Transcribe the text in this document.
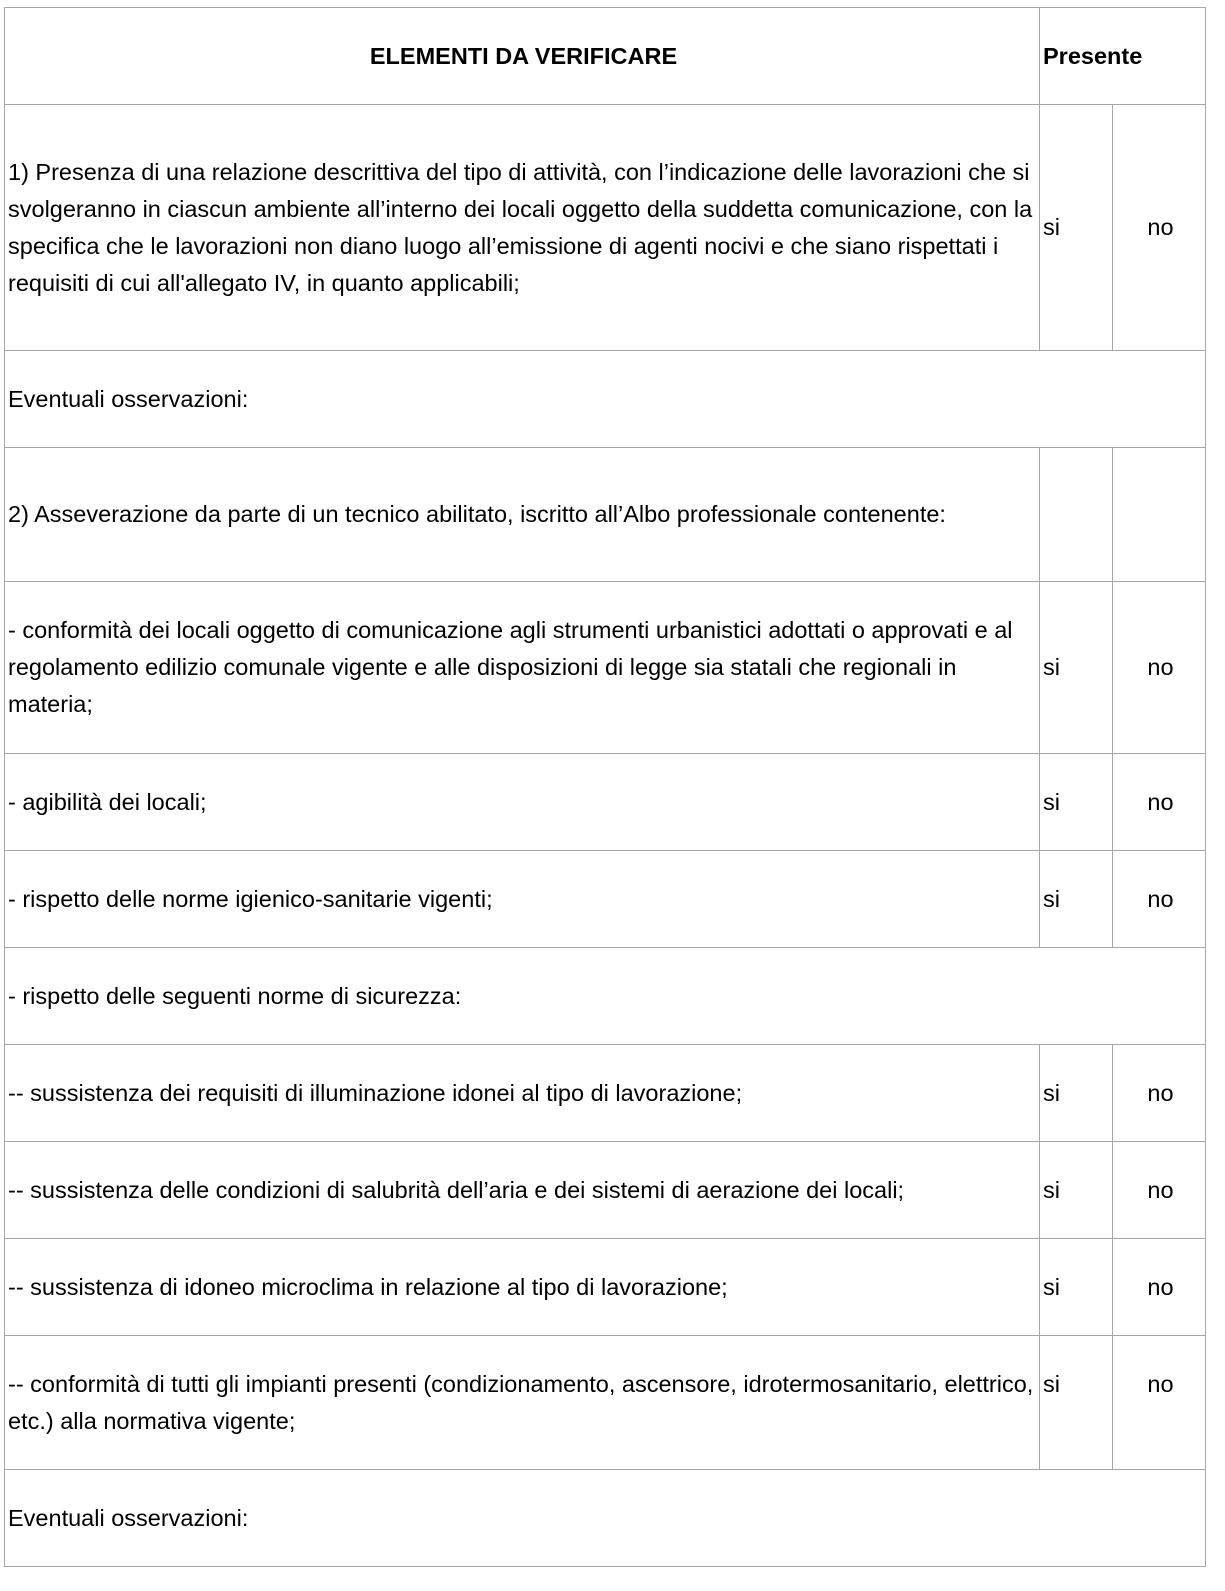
ELEMENTI DA VERIFICARE	Presente	
1) Presenza di una relazione descrittiva del tipo di attività, con l’indicazione delle lavorazioni che si svolgeranno in ciascun ambiente all’interno dei locali oggetto della suddetta comunicazione, con la specifica che le lavorazioni non diano luogo all’emissione di agenti nocivi e che siano rispettati i requisiti di cui all'allegato IV, in quanto applicabili;	si	no
Eventuali osservazioni:		
2) Asseverazione da parte di un tecnico abilitato, iscritto all’Albo professionale contenente:		
- conformità dei locali oggetto di comunicazione agli strumenti urbanistici adottati o approvati e al regolamento edilizio comunale vigente e alle disposizioni di legge sia statali che regionali in materia;	si	no
- agibilità dei locali;	si	no
- rispetto delle norme igienico-sanitarie vigenti;	si	no
- rispetto delle seguenti norme di sicurezza:		
-- sussistenza dei requisiti di illuminazione idonei al tipo di lavorazione;	si	no
-- sussistenza delle condizioni di salubrità dell’aria e dei sistemi di aerazione dei locali;	si	no
-- sussistenza di idoneo microclima in relazione al tipo di lavorazione;	si	no
-- conformità di tutti gli impianti presenti (condizionamento, ascensore, idrotermosanitario, elettrico, etc.) alla normativa vigente;	si	no
Eventuali osservazioni:		
